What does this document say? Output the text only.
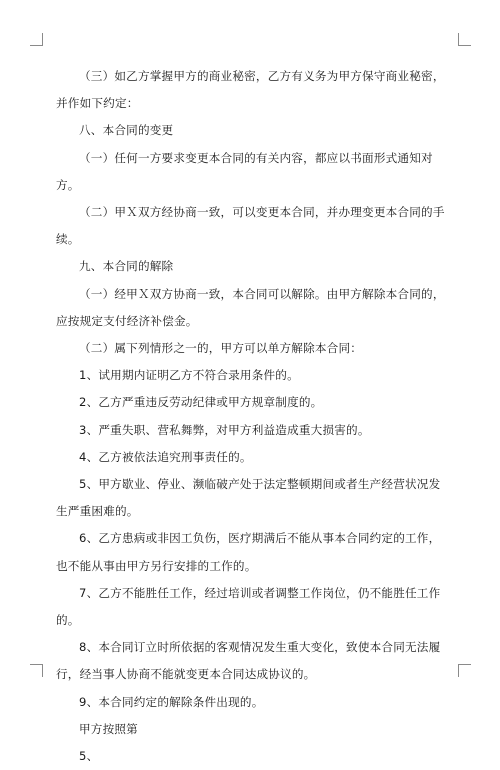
（三）如乙方掌握甲方的商业秘密，乙方有义务为甲方保守商业秘密，并作如下约定：

八、本合同的变更

（一）任何一方要求变更本合同的有关内容，都应以书面形式通知对方。

（二）甲Ｘ双方经协商一致，可以变更本合同，并办理变更本合同的手续。

九、本合同的解除

（一）经甲Ｘ双方协商一致，本合同可以解除。由甲方解除本合同的，应按规定支付经济补偿金。

（二）属下列情形之一的，甲方可以单方解除本合同：

1、试用期内证明乙方不符合录用条件的。

2、乙方严重违反劳动纪律或甲方规章制度的。

3、严重失职、营私舞弊，对甲方利益造成重大损害的。

4、乙方被依法追究刑事责任的。

5、甲方歇业、停业、濒临破产处于法定整顿期间或者生产经营状况发生严重困难的。

6、乙方患病或非因工负伤，医疗期满后不能从事本合同约定的工作，也不能从事由甲方另行安排的工作的。

7、乙方不能胜任工作，经过培训或者调整工作岗位，仍不能胜任工作的。

8、本合同订立时所依据的客观情况发生重大变化，致使本合同无法履行，经当事人协商不能就变更本合同达成协议的。

9、本合同约定的解除条件出现的。

甲方按照第

5、
